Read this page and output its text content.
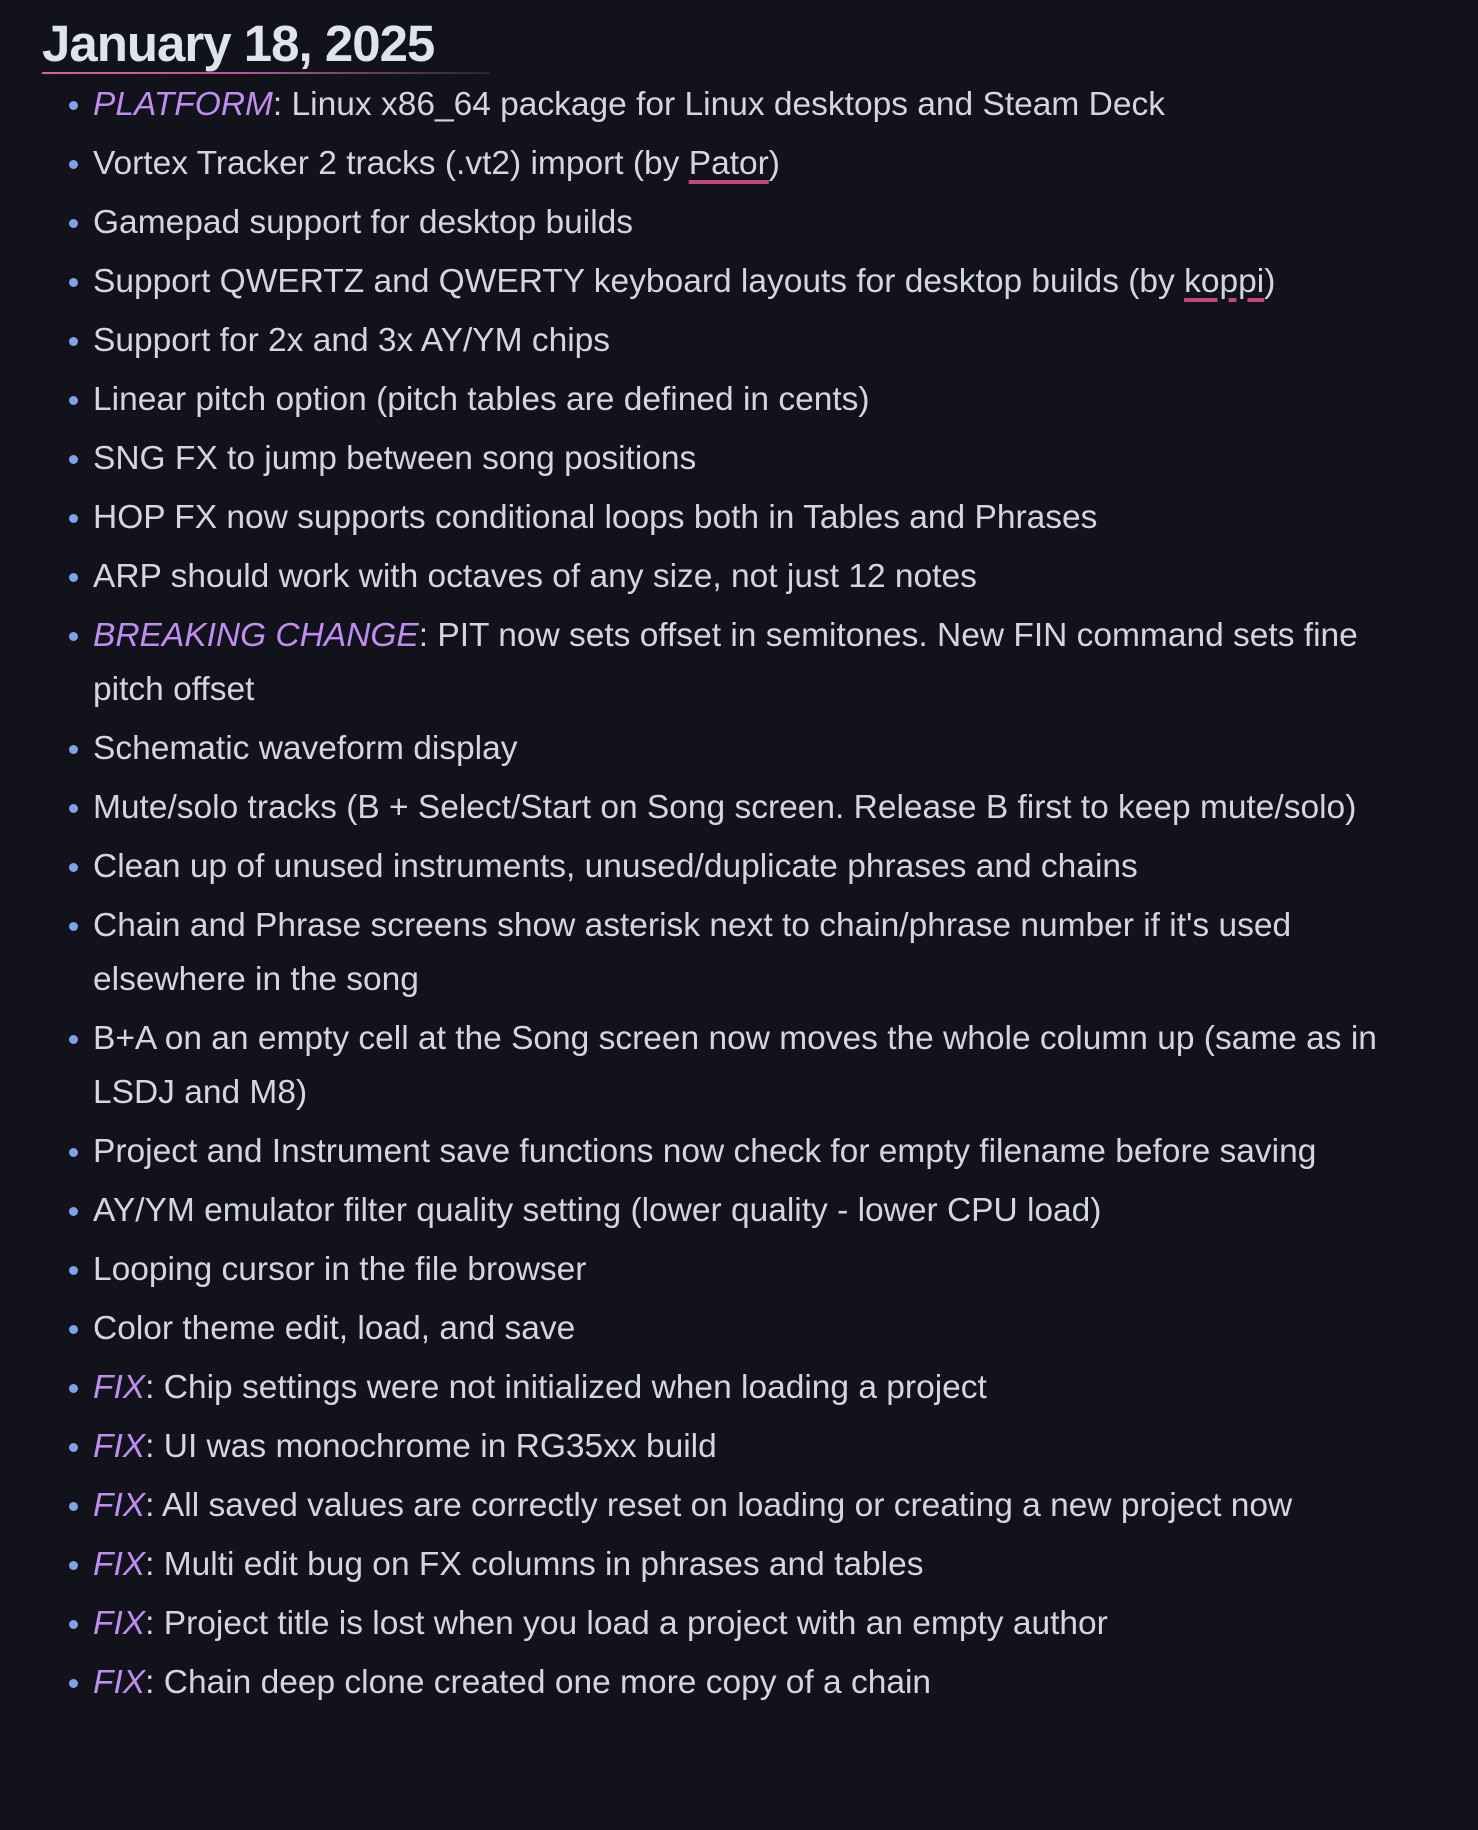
January 18, 2025
PLATFORM: Linux x86_64 package for Linux desktops and Steam Deck
Vortex Tracker 2 tracks (.vt2) import (by Pator)
Gamepad support for desktop builds
Support QWERTZ and QWERTY keyboard layouts for desktop builds (by koppi)
Support for 2x and 3x AY/YM chips
Linear pitch option (pitch tables are defined in cents)
SNG FX to jump between song positions
HOP FX now supports conditional loops both in Tables and Phrases
ARP should work with octaves of any size, not just 12 notes
BREAKING CHANGE: PIT now sets offset in semitones. New FIN command sets fine pitch offset
Schematic waveform display
Mute/solo tracks (B + Select/Start on Song screen. Release B first to keep mute/solo)
Clean up of unused instruments, unused/duplicate phrases and chains
Chain and Phrase screens show asterisk next to chain/phrase number if it's used elsewhere in the song
B+A on an empty cell at the Song screen now moves the whole column up (same as in LSDJ and M8)
Project and Instrument save functions now check for empty filename before saving
AY/YM emulator filter quality setting (lower quality - lower CPU load)
Looping cursor in the file browser
Color theme edit, load, and save
FIX: Chip settings were not initialized when loading a project
FIX: UI was monochrome in RG35xx build
FIX: All saved values are correctly reset on loading or creating a new project now
FIX: Multi edit bug on FX columns in phrases and tables
FIX: Project title is lost when you load a project with an empty author
FIX: Chain deep clone created one more copy of a chain
